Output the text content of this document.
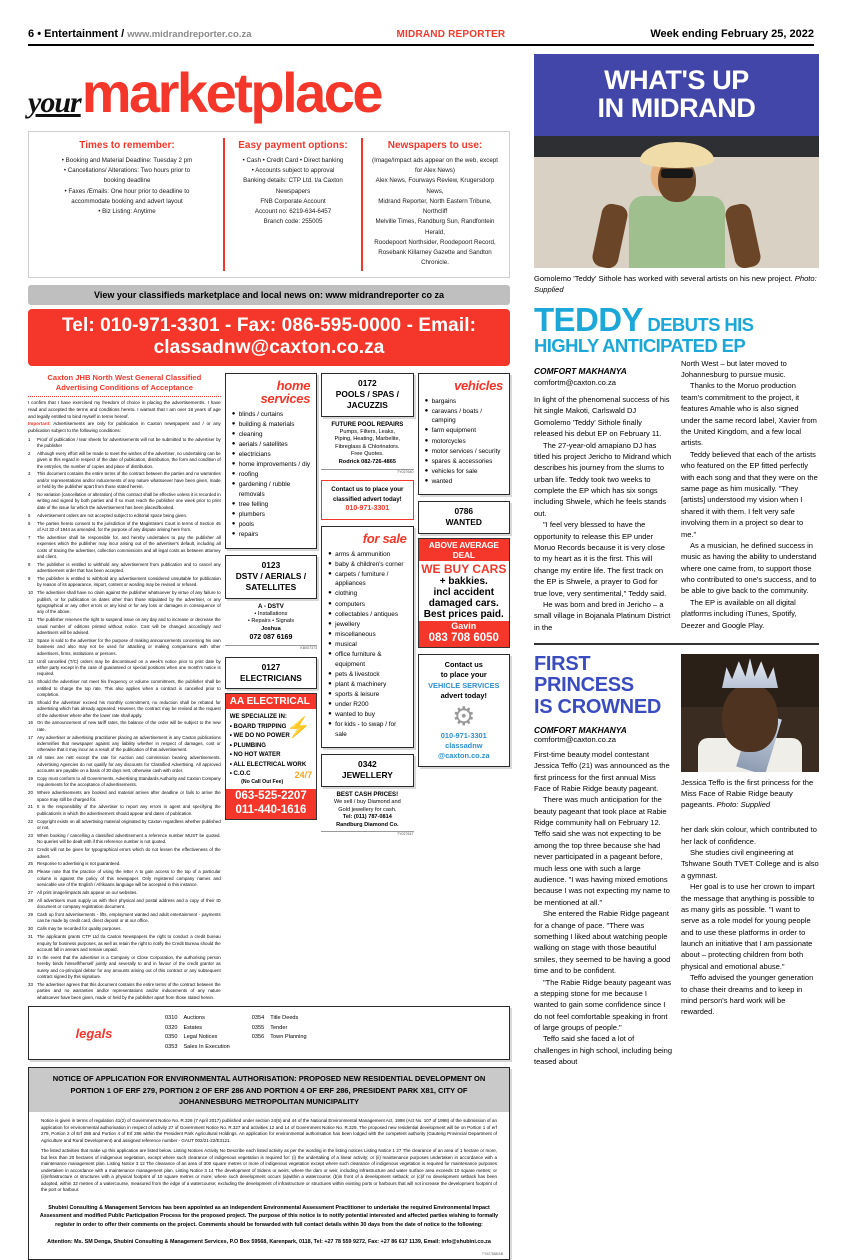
6 • Entertainment / www.midrandreporter.co.za	MIDRAND REPORTER	Week ending February 25, 2022
yourmarketplace
Times to remember:
• Booking and Material Deadline: Tuesday 2 pm
• Cancellations/ Alterations: Two hours prior to
booking deadline
• Faxes /Emails: One hour prior to deadline to
accommodate booking and advert layout
• Biz Listing: Anytime
Easy payment options:
• Cash • Credit Card • Direct banking
• Accounts subject to approval
Banking details: CTP Ltd. t/a Caxton Newspapers
FNB Corporate Account
Account no: 6219-634-6457
Branch code: 255005
Newspapers to use:
(Image/Impact ads appear on the web, except for Alex News)
Alex News, Fourways Review, Krugersdorp News,
Midrand Reporter, North Eastern Tribune, Northcliff
Melville Times, Randburg Sun, Randfontein Herald,
Roodepoort Northsider, Roodepoort Record,
Rosebank Killarney Gazette and Sandton Chronicle.
View your classifieds marketplace and local news on: www midrandreporter co za
Tel: 010-971-3301 - Fax: 086-595-0000 - Email: classadnw@caxton.co.za
Caxton JHB North West General Classified
Advertising Conditions of Acceptance
I confirm that I have exercised my freedom of choice in placing the advertisement/s. I have read and accepted the terms and conditions hereto. I warrant that I am over 18 years of age and legally entitled to bind myself in terms hereof.
Important: Advertisements are only for publication in Caxton newspapers and / or any publication subject to the following conditions:
1	Proof of publication / tear sheets for advertisements will not be submitted to the advertiser by the publisher
2	Although every effort will be made to meet the wishes of the advertiser, no undertaking can be given in this regard in respect of the date of publication, distribution, the form and condition of the entry/ies, the number of copies and place of distribution.
3	This document contains the entire terms of the contract between the parties and no warranties and/or representations and/or inducements of any nature whatsoever have been given, made or held by the publisher apart from those stated herein.
4	No variation (cancellation or alteration) of this contract shall be effective unless it is recorded in writing and signed by both parties and if so must reach the publisher one week prior to print date of the issue for which the advertisement has been placed/booked.
5	Advertisement orders are not accepted subject to editorial space being given.
6	The parties hereto consent to the jurisdiction of the Magistrate's Court in terms of Section 45 of Act 32 of 1944 as amended, for the purpose of any dispute arising here from.
7	The advertiser shall be responsible for, and hereby undertakes to pay the publisher all expenses which the publisher may incur arising out of the advertiser's default, including all costs of tracing the advertiser, collection commissions and all legal costs as between attorney and client.
8	The publisher is entitled to withhold any advertisement from publication and to cancel any advertisement order that has been accepted.
9	The publisher is entitled to withhold any advertisement considered unsuitable for publication by reason of its appearance, import, content or wording may be revised or refused.
10 The advertiser shall have no claim against the publisher whatsoever by virtue of any failure to publish, or for publication on dates other than those stipulated by the advertiser, or any typographical or any other errors or any kind or for any loss or damages in consequence of any of the above.
11	The publisher reserves the right to suspend issue on any day and to increase or decrease the usual number of editions printed without notice. Cost will be changed accordingly and advertisers will be advised.
12 Space is sold to the advertiser for the purpose of making announcements concerning his own business and also may not be used for attacking or making comparisons with other advertisers, firms, institutions or persons.
13 Until cancelled (T/C) orders may be discontinued on a week's notice prior to print date by either party except in the case of guaranteed or special positions when one month's notice is required.
14 Should the advertiser not meet his frequency or volume commitment, the publisher shall be entitled to charge the top rate. This also applies when a contract is cancelled prior to completion.
15 Should the advertiser exceed his monthly commitment, no reduction shall be rebated for advertising which has already appeared. However, the contract may be revised at the request of the advertiser where after the lower rate shall apply.
16 On the announcement of new tariff rates, the balance of the order will be subject to the new rate.
17 Any advertiser or advertising practitioner placing an advertisement in any Caxton publications indemnifies that newspaper against any liability whether in respect of damages, cost or otherwise that it may incur as a result of the publication of that advertisement.
18 All rates are nett except the rate for Auction and commission bearing advertisements. Advertising Agencies do not qualify for any discounts for Classified Advertising. All approved accounts are payable on a basis of 30 days nett, otherwise cash with order.
19 Copy must conform to all Governments, Advertising Standards Authority and Caxton Company requirements for the acceptance of advertisements.
20 Where advertisements are booked and material arrives after deadline or fails to arrive the space may still be charged for.
21 It is the responsibility of the advertiser to report any errors in agent and specifying the publication/s in which the advertisement should appear and dates of publication.
22 Copyright exists on all advertising material originated by Caxton regardless whether published or not.
23 When booking / cancelling a classified advertisement a reference number MUST be quoted. No queries will be dealt with if this reference number is not quoted.
24 Credit will not be given for typographical errors which do not lessen the effectiveness of the advert.
25 Response to advertising is not guaranteed.
26 Please note that the practice of using the letter A to gain access to the top of a particular column is against the policy of this newspaper. Only registered company names and servicable use of the English / Afrikaans language will be accepted in this instance.
27 All print image/impacts ads appear on our websites.
28 All advertisers must supply us with their physical and postal address and a copy of their ID document or company registration document.
29 Cash up front advertisements - lifts, employment wanted and adult entertainment - payments can be made by credit card, direct deposit or at our office.
30 Calls may be recorded for quality purposes.
31 The applicants grants CTP Ltd t/a Caxton Newspapers the right to conduct a credit bureau enquiry for business purposes, as well as retain the right to notify the Credit Bureau should the account fall in arrears and remain unpaid.
32 In the event that the advertiser is a Company or Close Corporation, the authorising person hereby binds himself/herself jointly and severally to and in favour of the credit grantor as surety and co-principal debtor for any amounts arising out of this contract or any subsequent contract signed by this signature.
33 The advertiser agrees that this document contains the entire terms of the contract between the parties and no warranties and/or representations and/or inducements of any nature whatsoever have been given, made or held by the publisher apart from those stated herein.
home
services
● blinds / curtains
● building & materials
● cleaning
● aerials / satellites
● electricians
● home improvements / diy
● roofing
● gardening / rubble removals
● tree felling
● plumbers
● pools
● repairs
0123
DSTV / AERIALS /
SATELLITES
A - DSTV
• Installations
• Repairs • Signals
Joshua
072 087 6169
KB007373
0127
ELECTRICIANS
AA ELECTRICAL
⚡
WE SPECIALIZE IN:
• BOARD TRIPPING
• WE DO NO POWER
• PLUMBING
• NO HOT WATER
• ALL ELECTRICAL WORK
• C.O.C	24/7
(No Call Out Fee)
063-525-2207
011-440-1616
0172
POOLS / SPAS /
JACUZZIS
FUTURE POOL REPAIRS
Pumps, Filters, Leaks,
Piping, Heating, Marbelite,
Fibreglass & Chlorinators.
Free Quotes.
Rodrick 082-726-4865
TY027640
Contact us to place your
classified advert today!
010-971-3301
for sale
● arms & ammunition
● baby & children's corner
● carpets / furniture / appliances
● clothing
● computers
● collectables / antiques
● jewellery
● miscellaneous
● musical
● office furniture & equipment
● pets & livestock
● plant & machinery
● sports & leisure
● under R200
● wanted to buy
● for kids - to swap / for sale
0342
JEWELLERY
BEST CASH PRICES!
We sell / buy Diamond and
Gold jewellery for cash.
Tel: (011) 787-0814
Randburg Diamond Co.
TY027647
vehicles
● bargains
● caravans / boats / camping
● farm equipment
● motorcycles
● motor services / security
● spares & accessories
● vehicles for sale
● wanted
0786
WANTED
ABOVE AVERAGE DEAL
WE BUY CARS
+ bakkies.
incl accident
damaged cars.
Best prices paid.
Gavin
083 708 6050
Contact us
to place your
VEHICLE SERVICES
advert today!
⚙
010-971-3301
classadnw
@caxton.co.za
legals
0310 Auctions
0320 Estates
0350 Legal Notices
0353 Sales In Execution
0354 Title Deeds
0355 Tender
0356 Town Planning
NOTICE OF APPLICATION FOR ENVIRONMENTAL AUTHORISATION: PROPOSED NEW RESIDENTIAL DEVELOPMENT ON PORTION 1 OF ERF 279, PORTION 2 OF ERF 286 AND PORTION 4 OF ERF 286, PRESIDENT PARK X81, CITY OF JOHANNESBURG METROPOLITAN MUNICIPALITY

Notice is given in terms of regulation 41(2) of Government Notice No. R.326 (7 April 2017) published under section 24(5) and 44 of the National Environmental Management Act, 1998 (Act No. 107 of 1998) of the submission of an application for environmental authorisation in respect of activity 27 of Government Notice No. R.327 and activities 12 and 14 of Government Notice No. R.329. The proposed new residential development will be on Portion 1 of erf 279, Portion 2 of Erf 286 and Portion 4 of Erf 286 within the President Park Agricultural Holdings. An application for environmental authorisation has been lodged with the competent authority (Gauteng Provincial Department of Agriculture and Rural Development) and assigned reference number - GAUT 002/21-22/E3121.

The listed activities that make up this application are listed below. Listing Notices Activity No Describe each listed activity as per the wording in the listing notices Listing Notice 1 27 The clearance of an area of 1 hectare or more, but less than 20 hectares of indigenous vegetation, except where such clearance of indigenous vegetation is required for: (i) the undertaking of a linear activity; or (ii) maintenance purposes undertaken in accordance with a maintenance management plan. Listing Notice 3 12 The clearance of an area of 300 square metres or more of indigenous vegetation except where such clearance of indigenous vegetation is required for maintenance purposes undertaken in accordance with a maintenance management plan. Listing Notice 3 14 The development of Sidens or weirs, where the dam or weir, including infrastructure and water surface area exceeds 10 square metres; or (ii)infrastructure or structures with a physical footprint of 10 square metres or more; where such development occurs (a)within a watercourse; (b)in front of a development setback; or (c)if no development setback has been adopted, within 32 metres of a watercourse, measured from the edge of a watercourse; excluding the development of infrastructure or structures within existing ports or harbours that will not increase the development footprint of the port or harbour.

Shubini Consulting & Management Services has been appointed as an independent Environmental Assessment Practitioner to undertake the required Environmental Impact Assessment and modified Public Participation Process for the proposed project. The purpose of this notice is to notify potential interested and affected parties wishing to formally register in order to offer their comments on the project. Comments should be forwarded with full contact details within 30 days from the date of notice to the following:
Attention: Ms. SM Denga, Shubini Consulting & Management Services, P.O Box 59568, Karenpark, 0118, Tel: +27 78 559 9272, Fax: +27 86 617 1139, Email: info@shubini.co.za
TY027888/AB
WHAT'S UP
IN MIDRAND
Gomolemo 'Teddy' Sithole has worked with several artists on his new project. Photo: Supplied
TEDDY DEBUTS HIS
HIGHLY ANTICIPATED EP
COMFORT MAKHANYA
comfortm@caxton.co.za

In light of the phenomenal success of his hit single Makoti, Carlswald DJ Gomolemo 'Teddy' Sithole finally released his debut EP on February 11.

The 27-year-old amapiano DJ has titled his project Jericho to Midrand which describes his journey from the slums to urban life. Teddy took two weeks to complete the EP which has six songs including Shwele, which he feels stands out.

"I feel very blessed to have the opportunity to release this EP under Moruo Records because it is very close to my heart as it is the first. This will change my entire life. The first track on the EP is Shwele, a prayer to God for true love, very sentimental," Teddy said.

He was born and bred in Jericho – a small village in Bojanala Platinum District in the

North West – but later moved to Johannesburg to pursue music.

Thanks to the Moruo production team's commitment to the project, it features Amahle who is also signed under the same record label, Xavier from the United Kingdom, and a few local artists.

Teddy believed that each of the artists who featured on the EP fitted perfectly with each song and that they were on the same page as him musically. "They [artists] understood my vision when I shared it with them. I felt very safe involving them in a project so dear to me."

As a musician, he defined success in music as having the ability to understand where one came from, to support those who contributed to one's success, and to be able to give back to the community.

The EP is available on all digital platforms including iTunes, Spotify, Deezer and Google Play.

FIRST PRINCESS
IS CROWNED
COMFORT MAKHANYA
comfortm@caxton.co.za

First-time beauty model contestant Jessica Teffo (21) was announced as the first princess for the first annual Miss Face of Rabie Ridge beauty pageant.

There was much anticipation for the beauty pageant that took place at Rabie Ridge community hall on February 12. Teffo said she was not expecting to be among the top three because she had never participated in a pageant before, much less one with such a large audience. "I was having mixed emotions because I was not expecting my name to be mentioned at all."

She entered the Rabie Ridge pageant for a change of pace. "There was something I liked about watching people walking on stage with those beautiful smiles, they seemed to be having a good time and to be confident.

"The Rabie Ridge beauty pageant was a stepping stone for me because I wanted to gain some confidence since I do not feel comfortable speaking in front of large groups of people."

Teffo said she faced a lot of challenges in high school, including being teased about

Jessica Teffo is the first princess for the Miss Face of Rabie Ridge beauty pageants. Photo: Supplied

her dark skin colour, which contributed to her lack of confidence.

She studies civil engineering at Tshwane South TVET College and is also a gymnast.

Her goal is to use her crown to impart the message that anything is possible to as many girls as possible. "I want to serve as a role model for young people and to use these platforms in order to launch an initiative that I am passionate about – protecting children from both physical and emotional abuse."

Teffo advised the younger generation to chase their dreams and to keep in mind person's hard work will be rewarded.
